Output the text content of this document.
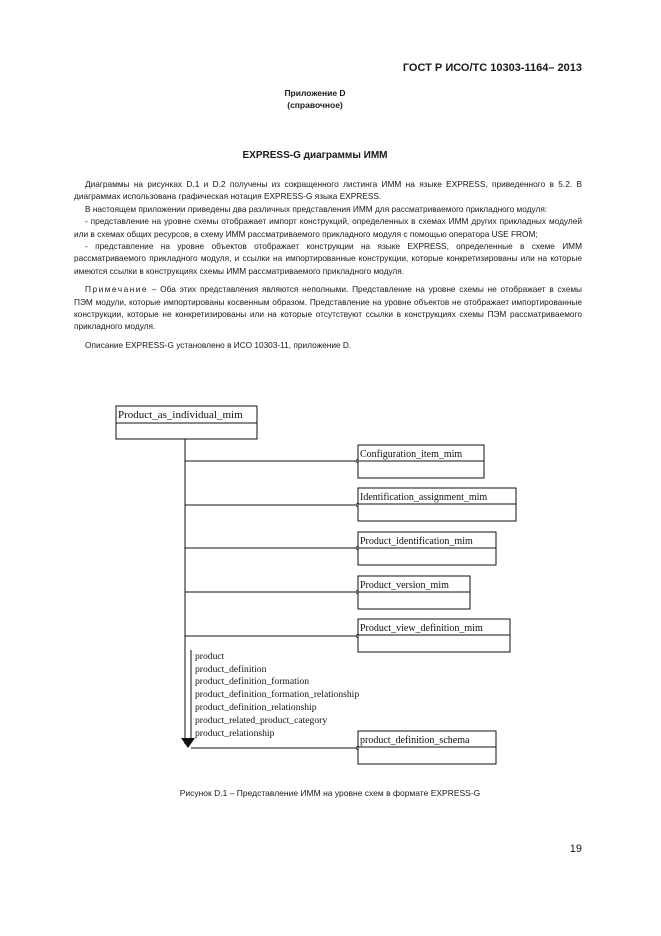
ГОСТ Р ИСО/ТС 10303-1164– 2013
Приложение D
(справочное)
EXPRESS-G диаграммы ИММ

Диаграммы на рисунках D.1 и D.2 получены из сокращенного листинга ИММ на языке EXPRESS, приведенного в 5.2. В диаграммах использована графическая нотация EXPRESS-G языка EXPRESS.

В настоящем приложении приведены два различных представления ИММ для рассматриваемого прикладного модуля:

- представление на уровне схемы отображает импорт конструкций, определенных в схемах ИММ других прикладных модулей или в схемах общих ресурсов, в схему ИММ рассматриваемого прикладного модуля с помощью оператора USE FROM;

- представление на уровне объектов отображает конструкции на языке EXPRESS, определенные в схеме ИММ рассматриваемого прикладного модуля, и ссылки на импортированные конструкции, которые конкретизированы или на которые имеются ссылки в конструкциях схемы ИММ рассматриваемого прикладного модуля.

Примечание – Оба этих представления являются неполными. Представление на уровне схемы не отображает в схемы ПЭМ модули, которые импортированы косвенным образом. Представление на уровне объектов не отображает импортированные конструкции, которые не конкретизированы или на которые отсутствуют ссылки в конструкциях схемы ПЭМ рассматриваемого прикладного модуля.

Описание EXPRESS-G установлено в ИСО 10303-11, приложение D.

Product_as_individual_mim
Configuration_item_mim
Identification_assignment_mim
Product_identification_mim
Product_version_mim
Product_view_definition_mim
product
product_definition
product_definition_formation
product_definition_formation_relationship
product_definition_relationship
product_related_product_category
product_relationship
product_definition_schema
Рисунок D.1 – Представление ИММ на уровне схем в формате EXPRESS-G
19
